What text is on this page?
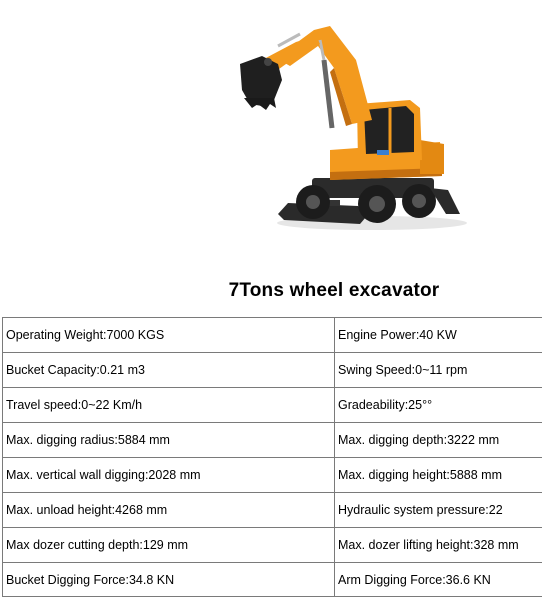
7Tons wheel excavator
Operating Weight:7000 KGS	Engine Power:40 KW
Bucket Capacity:0.21 m3	Swing Speed:0~11 rpm
Travel speed:0~22 Km/h	Gradeability:25°°
Max. digging radius:5884 mm	Max. digging depth:3222 mm
Max. vertical wall digging:2028 mm	Max. digging height:5888 mm
Max. unload height:4268 mm	Hydraulic system pressure:22
Max dozer cutting depth:129 mm	Max. dozer lifting height:328 mm
Bucket Digging Force:34.8 KN	Arm Digging Force:36.6 KN
